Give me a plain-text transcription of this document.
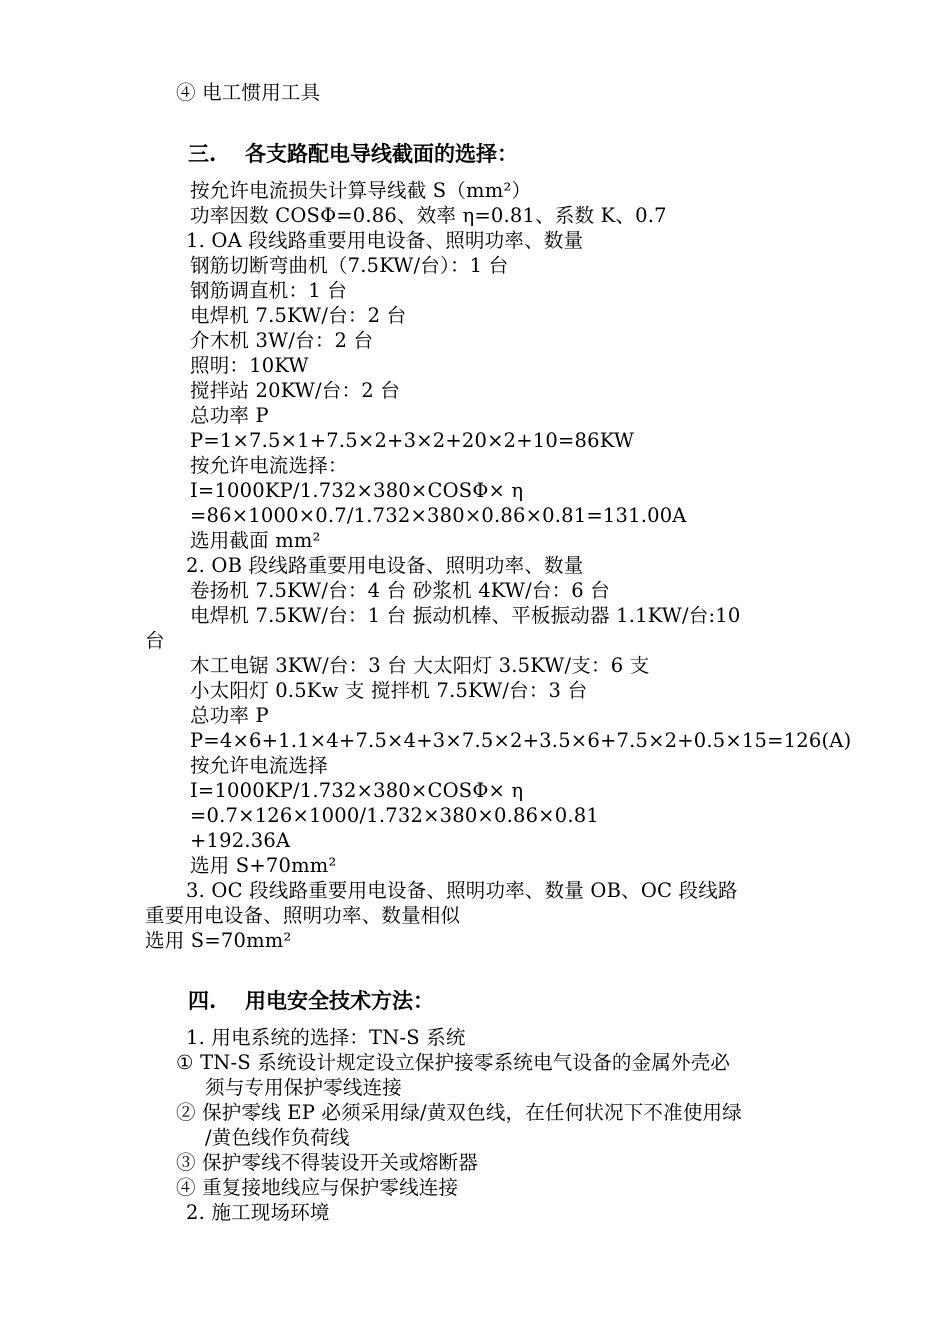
④ 电工惯用工具
三. 各支路配电导线截面的选择：
按允许电流损失计算导线截 S（mm²）
功率因数 COSΦ=0.86、效率 η=0.81、系数 K、0.7
1. OA 段线路重要用电设备、照明功率、数量
钢筋切断弯曲机（7.5KW/台）：1 台
钢筋调直机：1 台
电焊机 7.5KW/台：2 台
介木机 3W/台：2 台
照明：10KW
搅拌站 20KW/台：2 台
总功率 P
P=1×7.5×1+7.5×2+3×2+20×2+10=86KW
按允许电流选择：
I=1000KP/1.732×380×COSΦ× η
=86×1000×0.7/1.732×380×0.86×0.81=131.00A
选用截面 mm²
2. OB 段线路重要用电设备、照明功率、数量
卷扬机 7.5KW/台：4 台 砂浆机 4KW/台：6 台
电焊机 7.5KW/台：1 台 振动机棒、平板振动器 1.1KW/台:10
台
木工电锯 3KW/台：3 台 大太阳灯 3.5KW/支：6 支
小太阳灯 0.5Kw 支 搅拌机 7.5KW/台：3 台
总功率 P
P=4×6+1.1×4+7.5×4+3×7.5×2+3.5×6+7.5×2+0.5×15=126(A)
按允许电流选择
I=1000KP/1.732×380×COSΦ× η
=0.7×126×1000/1.732×380×0.86×0.81
+192.36A
选用 S+70mm²
3. OC 段线路重要用电设备、照明功率、数量 OB、OC 段线路
重要用电设备、照明功率、数量相似
选用 S=70mm²
四. 用电安全技术方法：
1. 用电系统的选择：TN-S 系统
① TN-S 系统设计规定设立保护接零系统电气设备的金属外壳必
须与专用保护零线连接
② 保护零线 EP 必须采用绿/黄双色线，在任何状况下不准使用绿
/黄色线作负荷线
③ 保护零线不得装设开关或熔断器
④ 重复接地线应与保护零线连接
2. 施工现场环境
